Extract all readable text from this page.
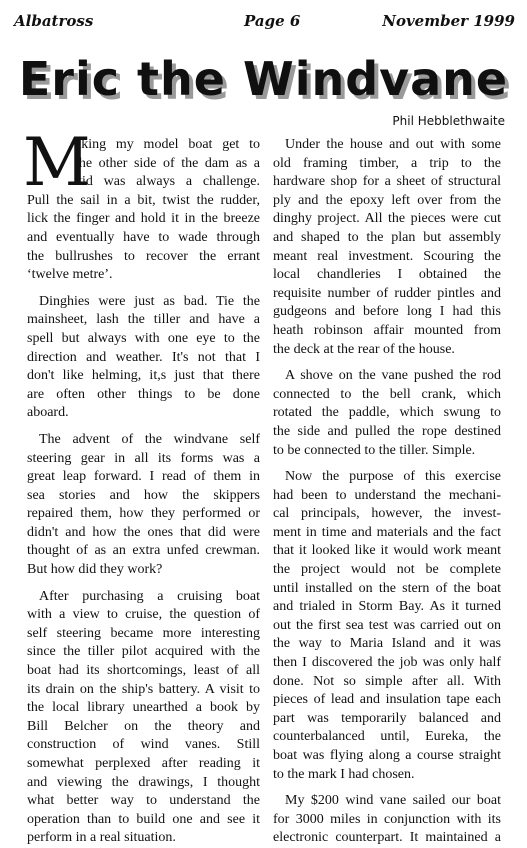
Albatross	Page 6	November 1999
Eric the Windvane
Phil Hebblethwaite
M
aking my model boat get to
the other side of the dam as a
kid was always a challenge.
Pull the sail in a bit, twist the rudder,
lick the finger and hold it in the breeze
and eventually have to wade through
the bullrushes to recover the errant
‘twelve metre’.
Dinghies were just as bad. Tie the
mainsheet, lash the tiller and have a
spell but always with one eye to the
direction and weather. It's not that I
don't like helming, it,s just that there
are often other things to be done
aboard.
The advent of the windvane self
steering gear in all its forms was a
great leap forward. I read of them in
sea stories and how the skippers
repaired them, how they performed or
didn't and how the ones that did were
thought of as an extra unfed crewman.
But how did they work?
After purchasing a cruising boat
with a view to cruise, the question of
self steering became more interesting
since the tiller pilot acquired with the
boat had its shortcomings, least of all
its drain on the ship's battery. A visit to
the local library unearthed a book by
Bill Belcher on the theory and
construction of wind vanes. Still
somewhat perplexed after reading it
and viewing the drawings, I thought
what better way to understand the
operation than to build one and see it
perform in a real situation.
Under the house and out with some
old framing timber, a trip to the
hardware shop for a sheet of structural
ply and the epoxy left over from the
dinghy project. All the pieces were cut
and shaped to the plan but assembly
meant real investment. Scouring the
local chandleries I obtained the
requisite number of rudder pintles and
gudgeons and before long I had this
heath robinson affair mounted from
the deck at the rear of the house.
A shove on the vane pushed the rod
connected to the bell crank, which
rotated the paddle, which swung to
the side and pulled the rope destined
to be connected to the tiller. Simple.
Now the purpose of this exercise
had been to understand the mechani-
cal principals, however, the invest-
ment in time and materials and the fact
that it looked like it would work meant
the project would not be complete
until installed on the stern of the boat
and trialed in Storm Bay. As it turned
out the first sea test was carried out on
the way to Maria Island and it was
then I discovered the job was only half
done. Not so simple after all. With
pieces of lead and insulation tape each
part was temporarily balanced and
counterbalanced until, Eureka, the
boat was flying along a course straight
to the mark I had chosen.
My $200 wind vane sailed our boat
for 3000 miles in conjunction with its
electronic counterpart. It maintained a
